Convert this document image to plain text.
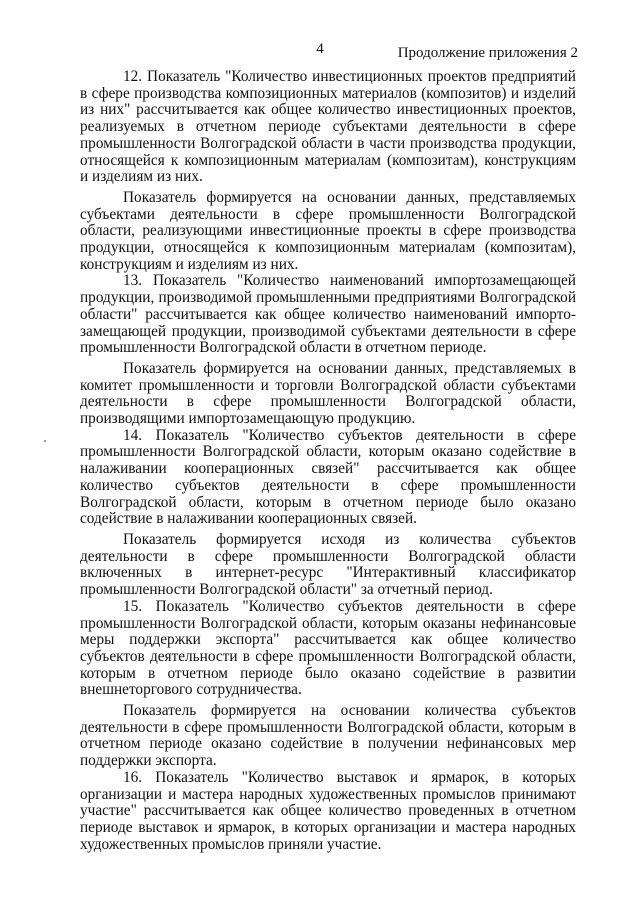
4	Продолжение приложения 2

12. Показатель "Количество инвестиционных проектов предприятий в сфере производства композиционных материалов (композитов) и изделий из них" рассчитывается как общее количество инвестиционных проектов, реализуемых в отчетном периоде субъектами деятельности в сфере промышленности Волгоградской области в части производства продукции, относящейся к композиционным материалам (композитам), конструкциям и изделиям из них.

Показатель формируется на основании данных, представляемых субъектами деятельности в сфере промышленности Волгоградской области, реализующими инвестиционные проекты в сфере производства продукции, относящейся к композиционным материалам (композитам), конструкциям и изделиям из них.

13. Показатель "Количество наименований импортозамещающей продукции, производимой промышленными предприятиями Волгоградской области" рассчитывается как общее количество наименований импортозамещающей продукции, производимой субъектами деятельности в сфере промышленности Волгоградской области в отчетном периоде.

Показатель формируется на основании данных, представляемых в комитет промышленности и торговли Волгоградской области субъектами деятельности в сфере промышленности Волгоградской области, производящими импортозамещающую продукцию.

14. Показатель "Количество субъектов деятельности в сфере промышленности Волгоградской области, которым оказано содействие в налаживании кооперационных связей" рассчитывается как общее количество субъектов деятельности в сфере промышленности Волгоградской области, которым в отчетном периоде было оказано содействие в налаживании кооперационных связей.

Показатель формируется исходя из количества субъектов деятельности в сфере промышленности Волгоградской области включенных в интернет-ресурс "Интерактивный классификатор промышленности Волгоградской области" за отчетный период.

15. Показатель "Количество субъектов деятельности в сфере промышленности Волгоградской области, которым оказаны нефинансовые меры поддержки экспорта" рассчитывается как общее количество субъектов деятельности в сфере промышленности Волгоградской области, которым в отчетном периоде было оказано содействие в развитии внешнеторгового сотрудничества.

Показатель формируется на основании количества субъектов деятельности в сфере промышленности Волгоградской области, которым в отчетном периоде оказано содействие в получении нефинансовых мер поддержки экспорта.

16. Показатель "Количество выставок и ярмарок, в которых организации и мастера народных художественных промыслов принимают участие" рассчитывается как общее количество проведенных в отчетном периоде выставок и ярмарок, в которых организации и мастера народных художественных промыслов приняли участие.
